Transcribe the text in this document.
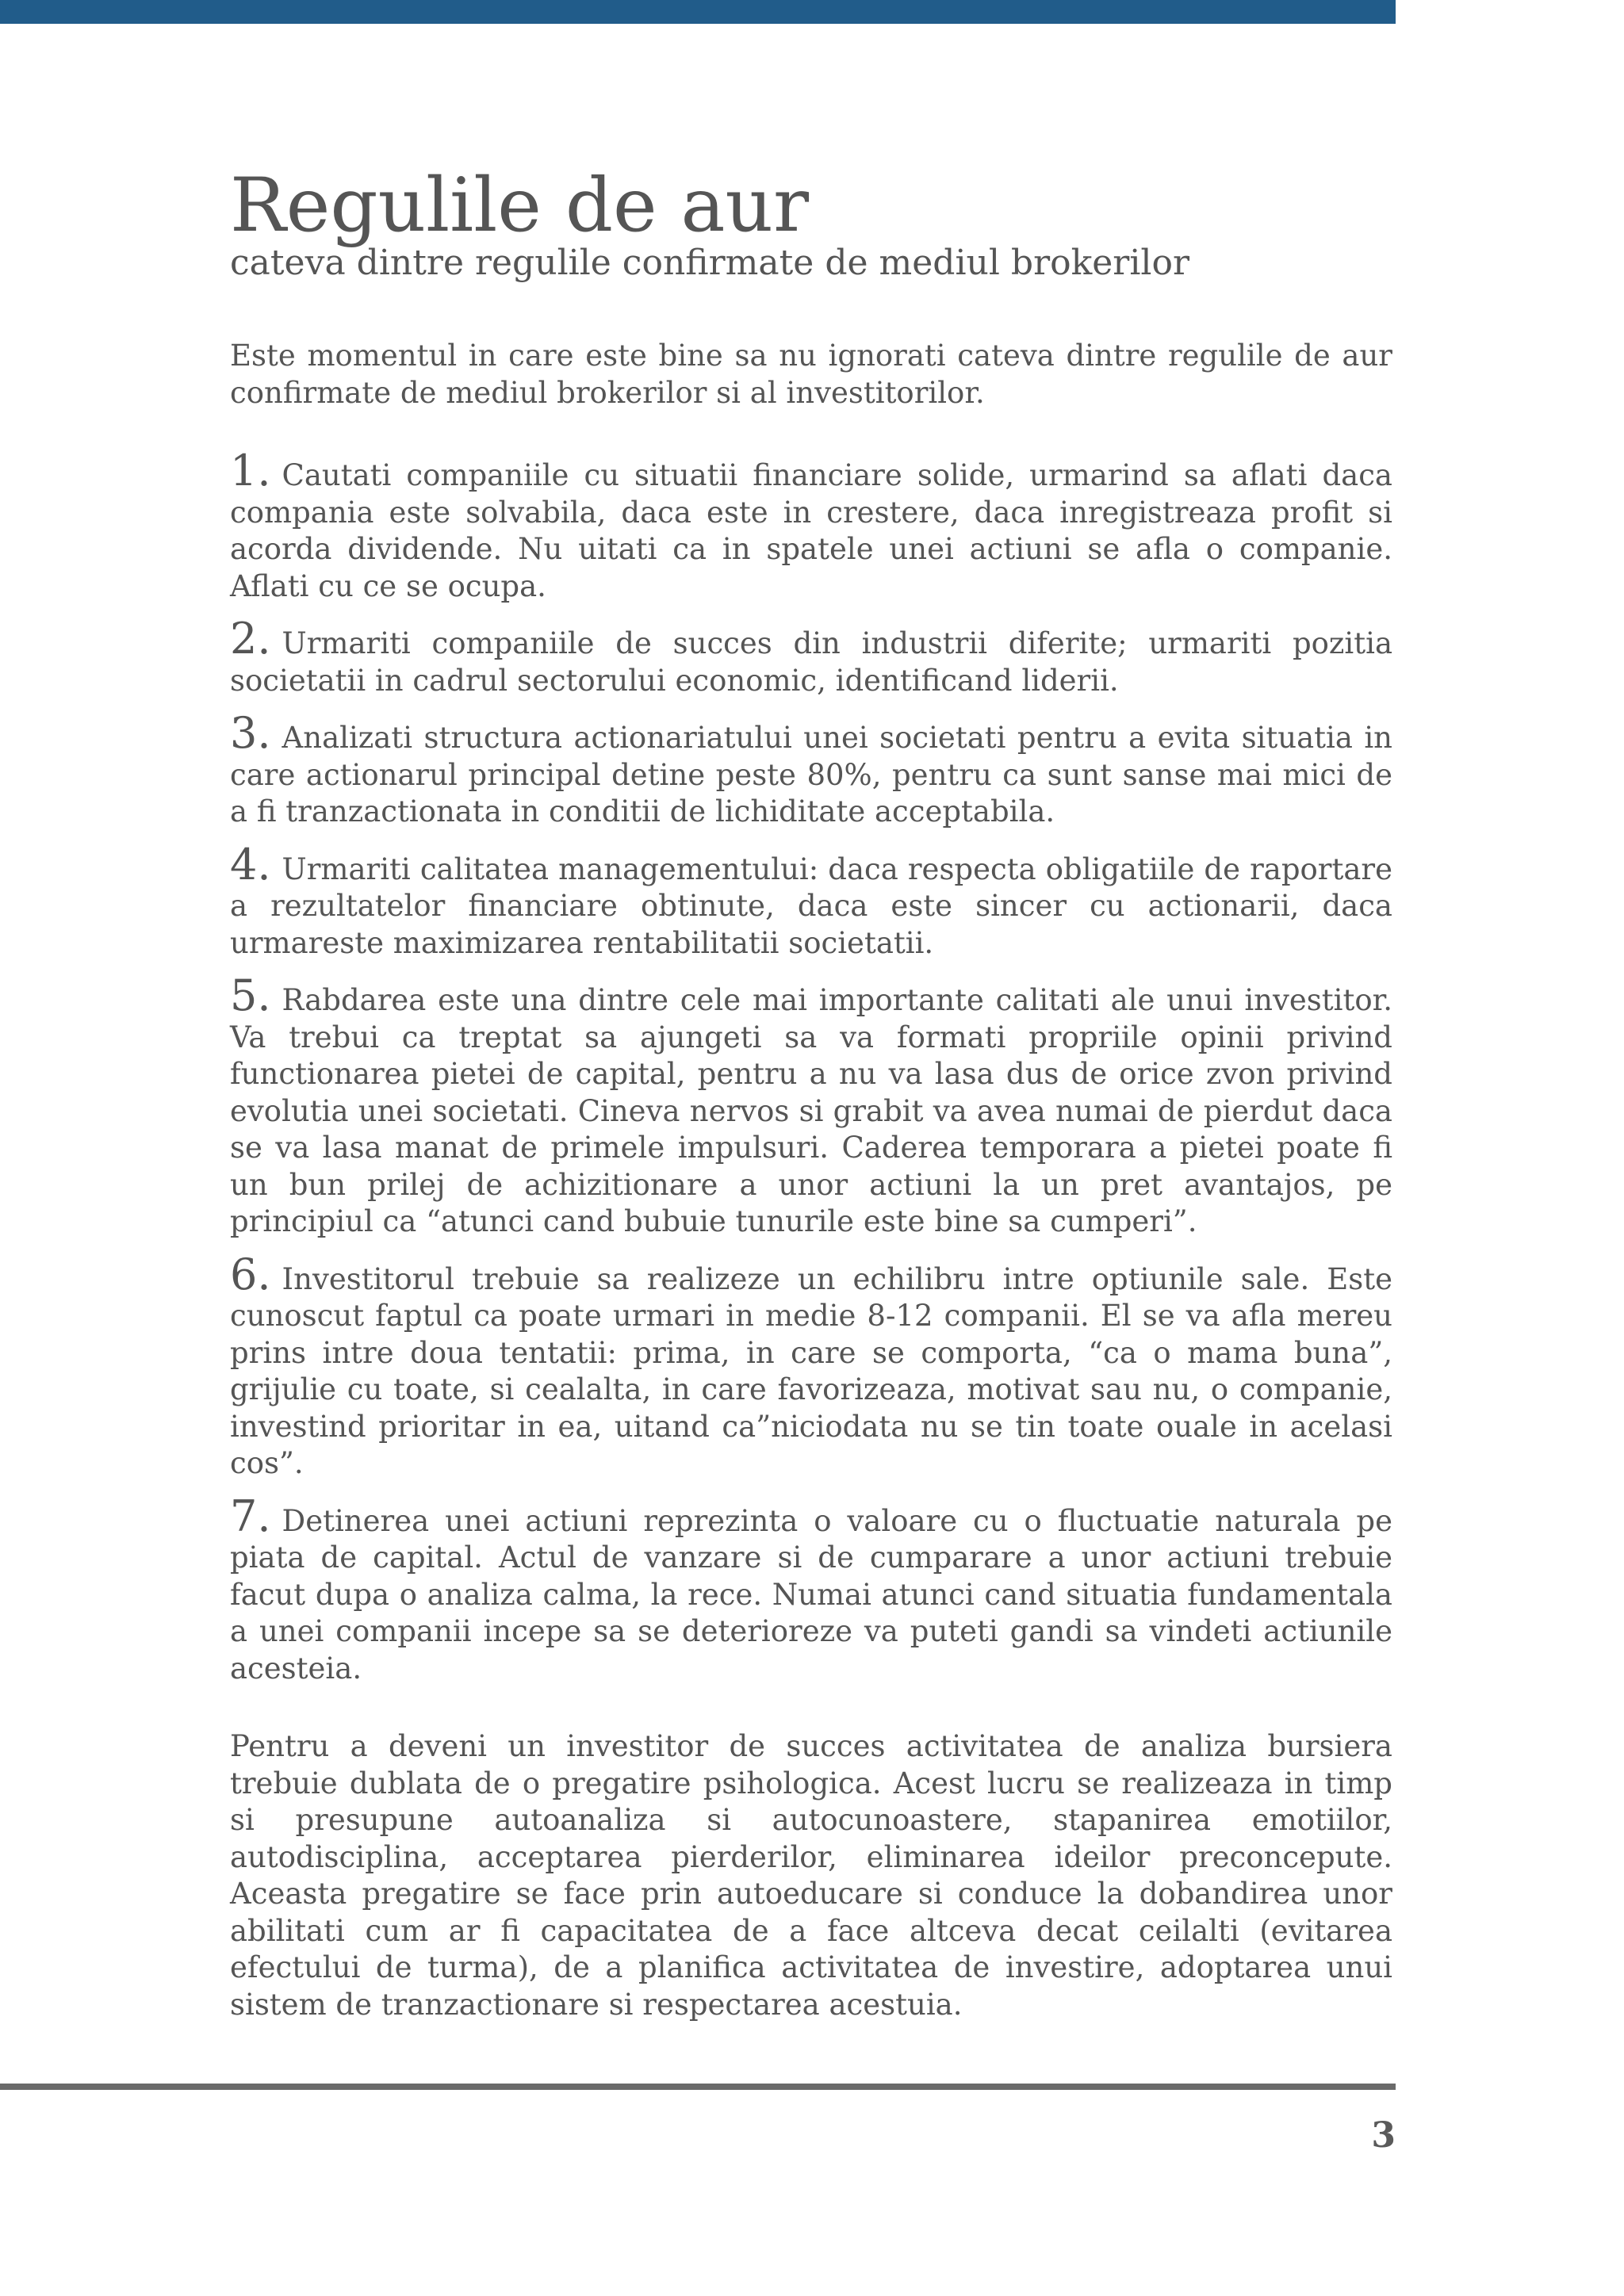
Regulile de aur
cateva dintre regulile confirmate de mediul brokerilor

Este momentul in care este bine sa nu ignorati cateva dintre regulile de aur confirmate de mediul brokerilor si al investitorilor.

1. Cautati companiile cu situatii financiare solide, urmarind sa aflati daca compania este solvabila, daca este in crestere, daca inregistreaza profit si acorda dividende. Nu uitati ca in spatele unei actiuni se afla o companie. Aflati cu ce se ocupa.

2. Urmariti companiile de succes din industrii diferite; urmariti pozitia societatii in cadrul sectorului economic, identificand liderii.

3. Analizati structura actionariatului unei societati pentru a evita situatia in care actionarul principal detine peste 80%, pentru ca sunt sanse mai mici de a fi tranzactionata in conditii de lichiditate acceptabila.

4. Urmariti calitatea managementului: daca respecta obligatiile de raportare a rezultatelor financiare obtinute, daca este sincer cu actionarii, daca urmareste maximizarea rentabilitatii societatii.

5. Rabdarea este una dintre cele mai importante calitati ale unui investitor. Va trebui ca treptat sa ajungeti sa va formati propriile opinii privind functionarea pietei de capital, pentru a nu va lasa dus de orice zvon privind evolutia unei societati. Cineva nervos si grabit va avea numai de pierdut daca se va lasa manat de primele impulsuri. Caderea temporara a pietei poate fi un bun prilej de achizitionare a unor actiuni la un pret avantajos, pe principiul ca “atunci cand bubuie tunurile este bine sa cumperi”.

6. Investitorul trebuie sa realizeze un echilibru intre optiunile sale. Este cunoscut faptul ca poate urmari in medie 8-12 companii. El se va afla mereu prins intre doua tentatii: prima, in care se comporta, “ca o mama buna”, grijulie cu toate, si cealalta, in care favorizeaza, motivat sau nu, o companie, investind prioritar in ea, uitand ca”niciodata nu se tin toate ouale in acelasi cos”.

7. Detinerea unei actiuni reprezinta o valoare cu o fluctuatie naturala pe piata de capital. Actul de vanzare si de cumparare a unor actiuni trebuie facut dupa o analiza calma, la rece. Numai atunci cand situatia fundamentala a unei companii incepe sa se deterioreze va puteti gandi sa vindeti actiunile acesteia.

Pentru a deveni un investitor de succes activitatea de analiza bursiera trebuie dublata de o pregatire psihologica. Acest lucru se realizeaza in timp si presupune autoanaliza si autocunoastere, stapanirea emotiilor, autodisciplina, acceptarea pierderilor, eliminarea ideilor preconcepute. Aceasta pregatire se face prin autoeducare si conduce la dobandirea unor abilitati cum ar fi capacitatea de a face altceva decat ceilalti (evitarea efectului de turma), de a planifica activitatea de investire, adoptarea unui sistem de tranzactionare si respectarea acestuia.

3
